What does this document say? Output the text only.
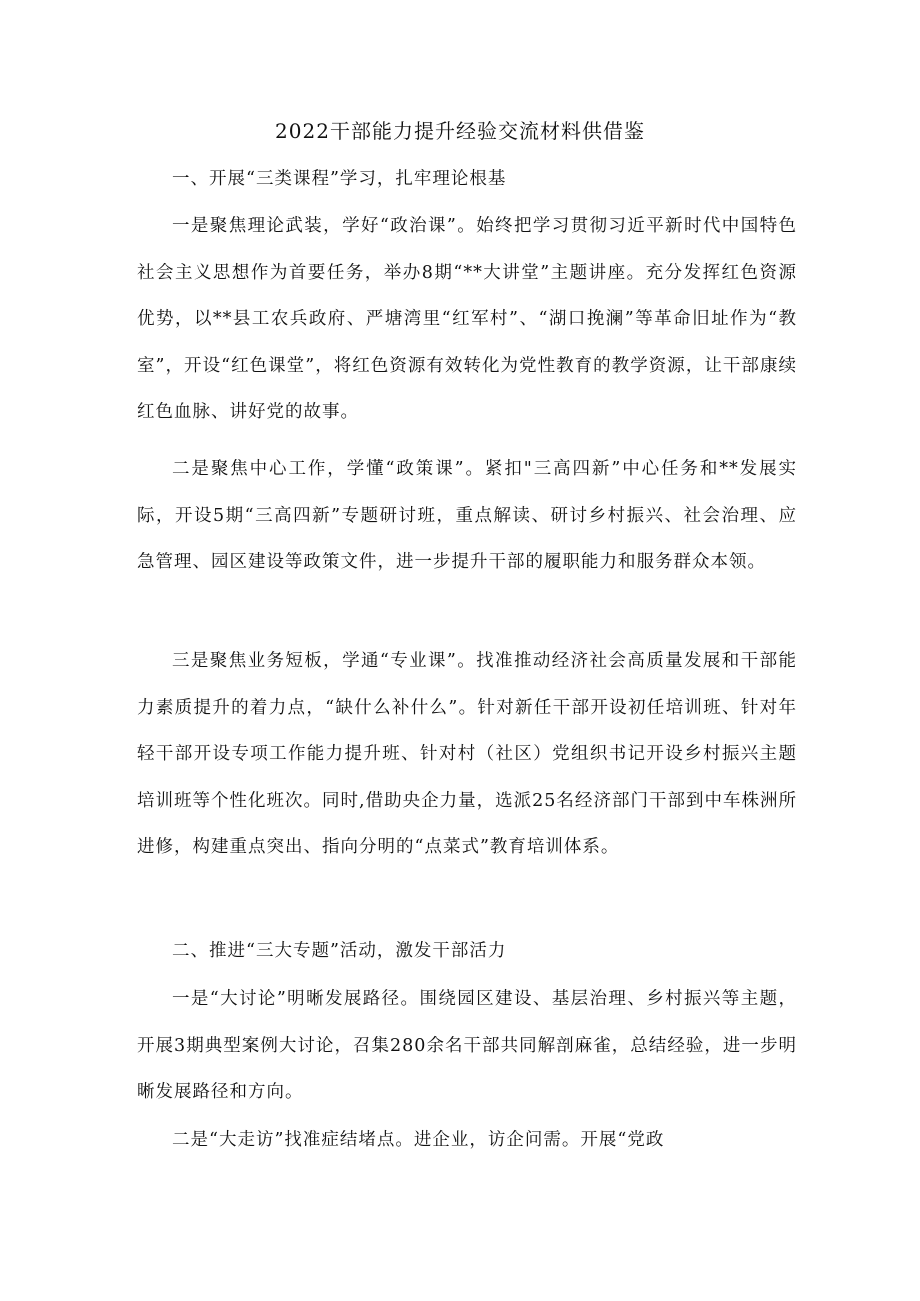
2022干部能力提升经验交流材料供借鉴

一、开展“三类课程”学习，扎牢理论根基

一是聚焦理论武装，学好“政治课”。始终把学习贯彻习近平新时代中国特色社会主义思想作为首要任务，举办8期“**大讲堂”主题讲座。充分发挥红色资源优势，以**县工农兵政府、严塘湾里“红军村”、“湖口挽澜”等革命旧址作为“教室”，开设“红色课堂”，将红色资源有效转化为党性教育的教学资源，让干部康续红色血脉、讲好党的故事。

二是聚焦中心工作，学懂“政策课”。紧扣"三高四新”中心任务和**发展实际，开设5期“三高四新”专题研讨班，重点解读、研讨乡村振兴、社会治理、应急管理、园区建设等政策文件，进一步提升干部的履职能力和服务群众本领。

三是聚焦业务短板，学通“专业课”。找准推动经济社会高质量发展和干部能力素质提升的着力点，“缺什么补什么”。针对新任干部开设初任培训班、针对年轻干部开设专项工作能力提升班、针对村（社区）党组织书记开设乡村振兴主题培训班等个性化班次。同时,借助央企力量，选派25名经济部门干部到中车株洲所进修，构建重点突出、指向分明的“点菜式”教育培训体系。

二、推进“三大专题”活动，激发干部活力

一是“大讨论”明晰发展路径。围绕园区建设、基层治理、乡村振兴等主题，开展3期典型案例大讨论，召集280余名干部共同解剖麻雀，总结经验，进一步明晰发展路径和方向。

二是“大走访”找准症结堵点。进企业，访企问需。开展“党政
